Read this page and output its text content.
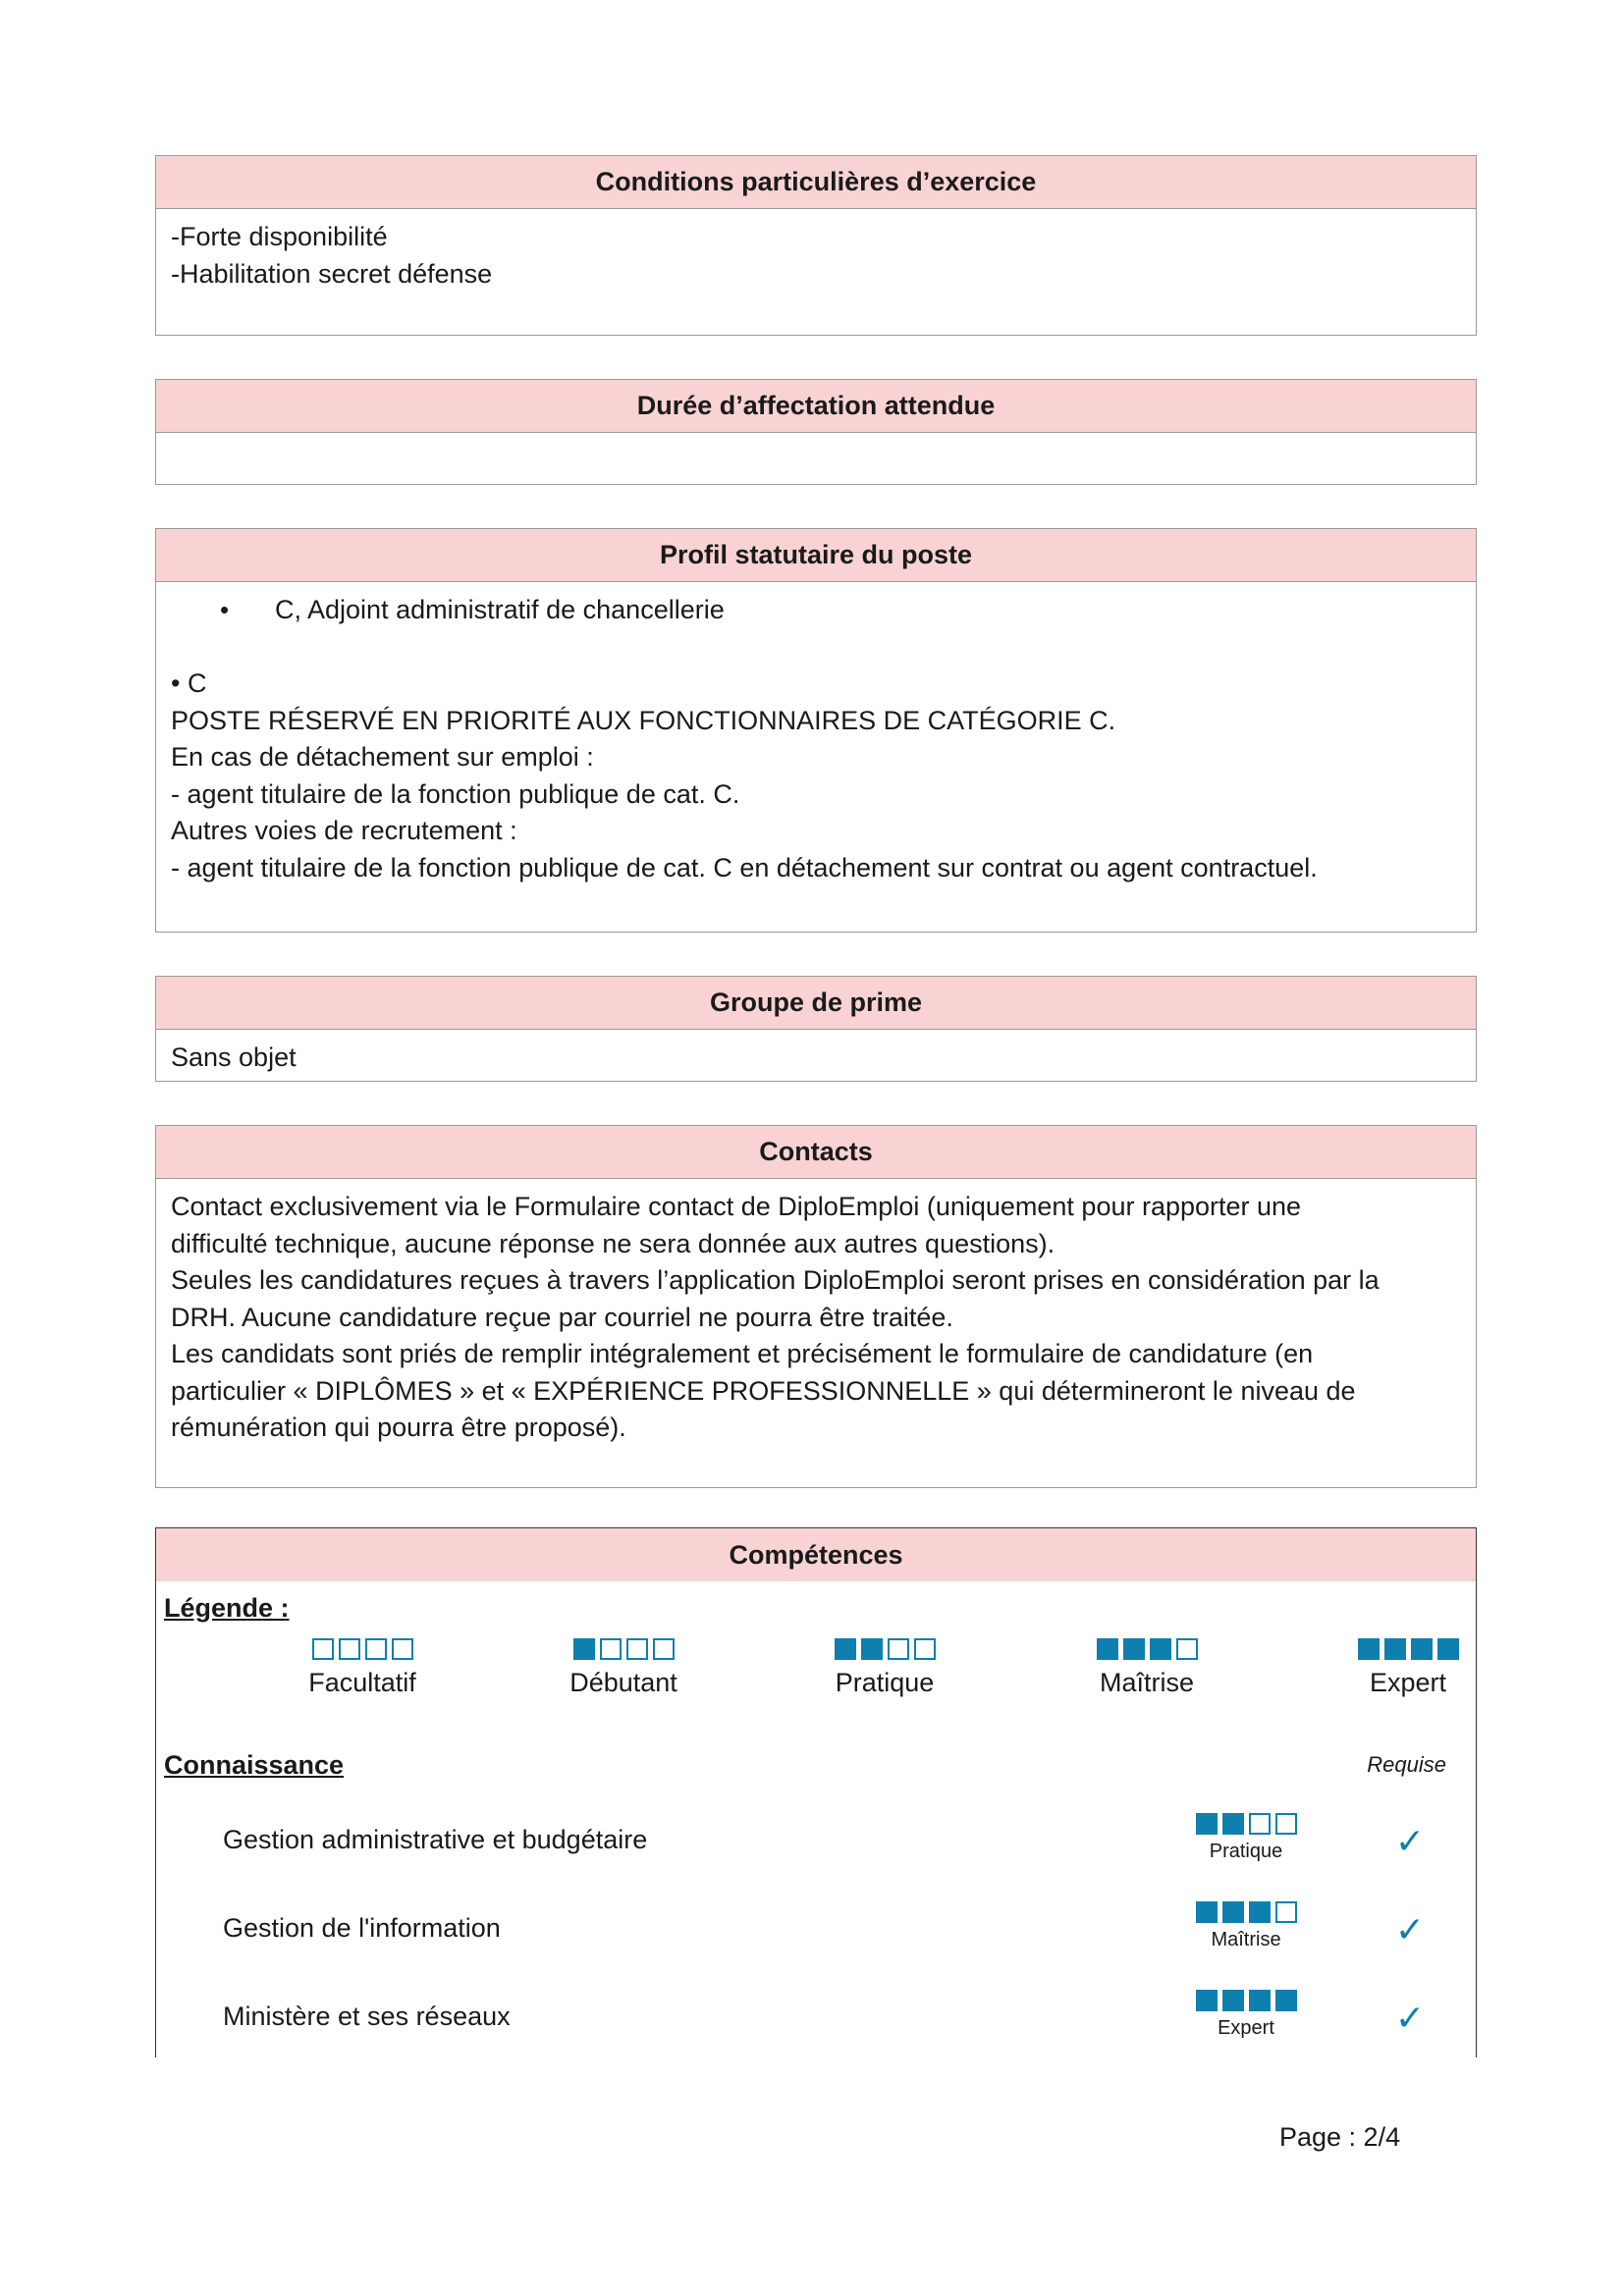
Conditions particulières d’exercice
-Forte disponibilité
-Habilitation secret défense
Durée d’affectation attendue
Profil statutaire du poste
•	C, Adjoint administratif de chancellerie
• C
POSTE RÉSERVÉ EN PRIORITÉ AUX FONCTIONNAIRES DE CATÉGORIE C.
En cas de détachement sur emploi :
- agent titulaire de la fonction publique de cat. C.
Autres voies de recrutement :
- agent titulaire de la fonction publique de cat. C en détachement sur contrat ou agent contractuel.
Groupe de prime
Sans objet
Contacts
Contact exclusivement via le Formulaire contact de DiploEmploi (uniquement pour rapporter une
difficulté technique, aucune réponse ne sera donnée aux autres questions).
Seules les candidatures reçues à travers l’application DiploEmploi seront prises en considération par la
DRH. Aucune candidature reçue par courriel ne pourra être traitée.
Les candidats sont priés de remplir intégralement et précisément le formulaire de candidature (en
particulier « DIPLÔMES » et « EXPÉRIENCE PROFESSIONNELLE » qui détermineront le niveau de
rémunération qui pourra être proposé).
Compétences
Légende :
Facultatif	Débutant	Pratique	Maîtrise	Expert
Connaissance	Requise
Gestion administrative et budgétaire	Pratique	✓
Gestion de l'information	Maîtrise	✓
Ministère et ses réseaux	Expert	✓
Page : 2/4
